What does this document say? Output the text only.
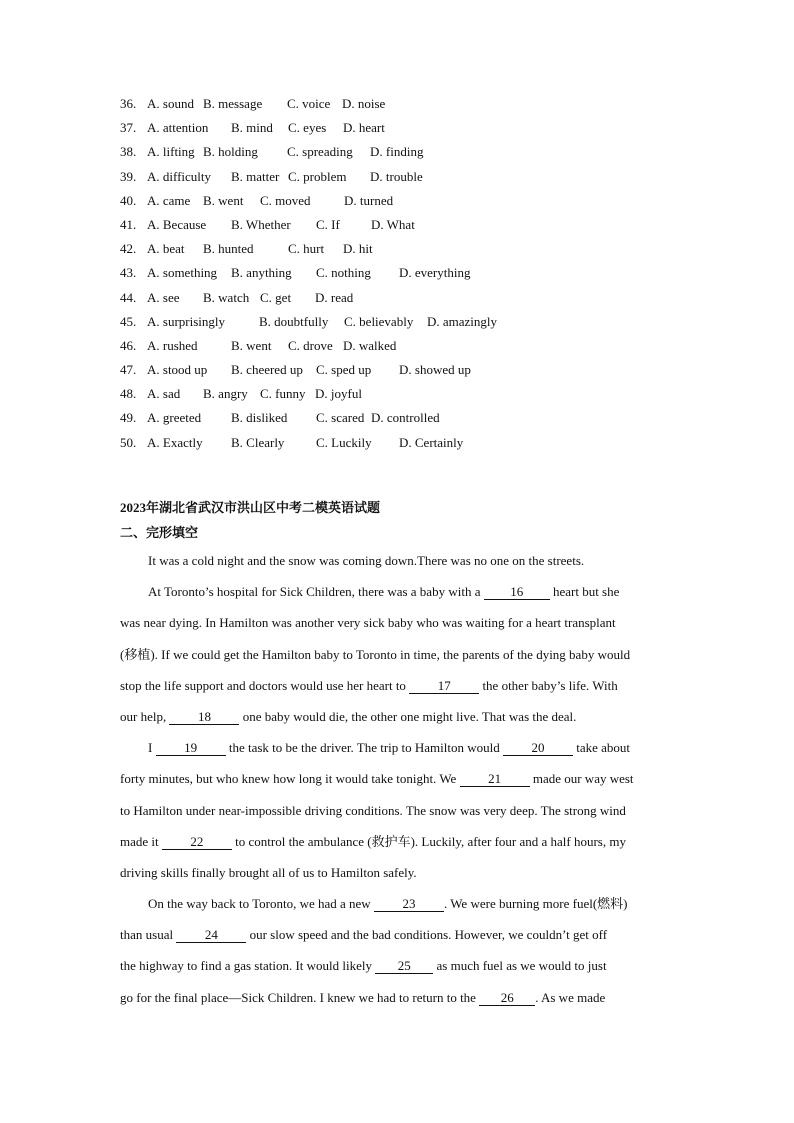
36. A. sound B. message C. voice D. noise
37. A. attention B. mind C. eyes D. heart
38. A. lifting B. holding C. spreading D. finding
39. A. difficulty B. matter C. problem D. trouble
40. A. came B. went C. moved	D. turned
41. A. Because B. Whether C. If D. What
42. A. beat B. hunted	C. hurt D. hit
43. A. something B. anything C. nothing D. everything
44. A. see B. watch C. get D. read
45. A. surprisingly	B. doubtfully C. believably D. amazingly
46. A. rushed	B. went C. drove D. walked
47. A. stood up B. cheered up C. sped up D. showed up
48. A. sad B. angry C. funny D. joyful
49. A. greeted B. disliked C. scared D. controlled
50. A. Exactly B. Clearly C. Luckily D. Certainly
2023年湖北省武汉市洪山区中考二模英语试题
二、完形填空
It was a cold night and the snow was coming down.There was no one on the streets.
At Toronto’s hospital for Sick Children, there was a baby with a 16 heart but she
was near dying. In Hamilton was another very sick baby who was waiting for a heart transplant
(移植). If we could get the Hamilton baby to Toronto in time, the parents of the dying baby would
stop the life support and doctors would use her heart to 17 the other baby’s life. With
our help, 18 one baby would die, the other one might live. That was the deal.
I 19 the task to be the driver. The trip to Hamilton would 20 take about
forty minutes, but who knew how long it would take tonight. We 21 made our way west
to Hamilton under near-impossible driving conditions. The snow was very deep. The strong wind
made it 22 to control the ambulance (救护车). Luckily, after four and a half hours, my
driving skills finally brought all of us to Hamilton safely.
On the way back to Toronto, we had a new 23 . We were burning more fuel(燃料)
than usual 24 our slow speed and the bad conditions. However, we couldn’t get off
the highway to find a gas station. It would likely 25 as much fuel as we would to just
go for the final place—Sick Children. I knew we had to return to the 26 . As we made
